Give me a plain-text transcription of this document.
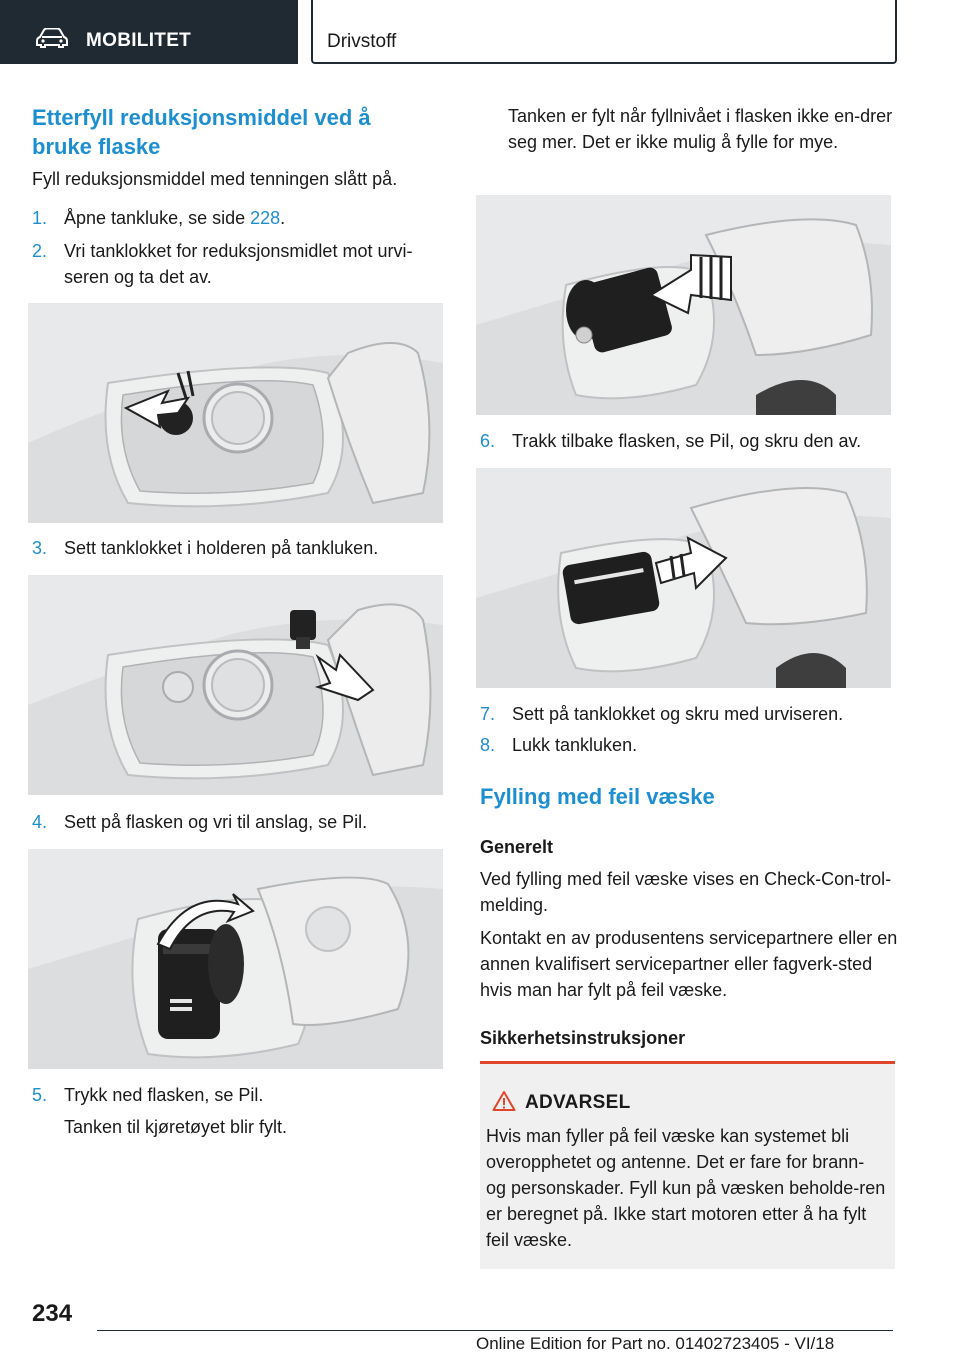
MOBILITET	Drivstoff
Etterfyll reduksjonsmiddel ved å bruke flaske

Fyll reduksjonsmiddel med tenningen slått på.

1. Åpne tankluke, se side 228.
2. Vri tanklokket for reduksjonsmidlet mot urvi-seren og ta det av.
3. Sett tanklokket i holderen på tankluken.
4. Sett på flasken og vri til anslag, se Pil.
5. Trykk ned flasken, se Pil.

Tanken til kjøretøyet blir fylt.

Tanken er fylt når fyllnivået i flasken ikke en-drer seg mer. Det er ikke mulig å fylle for mye.

6. Trakk tilbake flasken, se Pil, og skru den av.
7. Sett på tanklokket og skru med urviseren.
8. Lukk tankluken.
Fylling med feil væske
Generelt

Ved fylling med feil væske vises en Check-Con-trol-melding.

Kontakt en av produsentens servicepartnere eller en annen kvalifisert servicepartner eller fagverk-sted hvis man har fylt på feil væske.

Sikkerhetsinstruksjoner
ADVARSEL
Hvis man fyller på feil væske kan systemet bli overopphetet og antenne. Det er fare for brann- og personskader. Fyll kun på væsken beholde-ren er beregnet på. Ikke start motoren etter å ha fylt feil væske.
234
Online Edition for Part no. 01402723405 - VI/18
